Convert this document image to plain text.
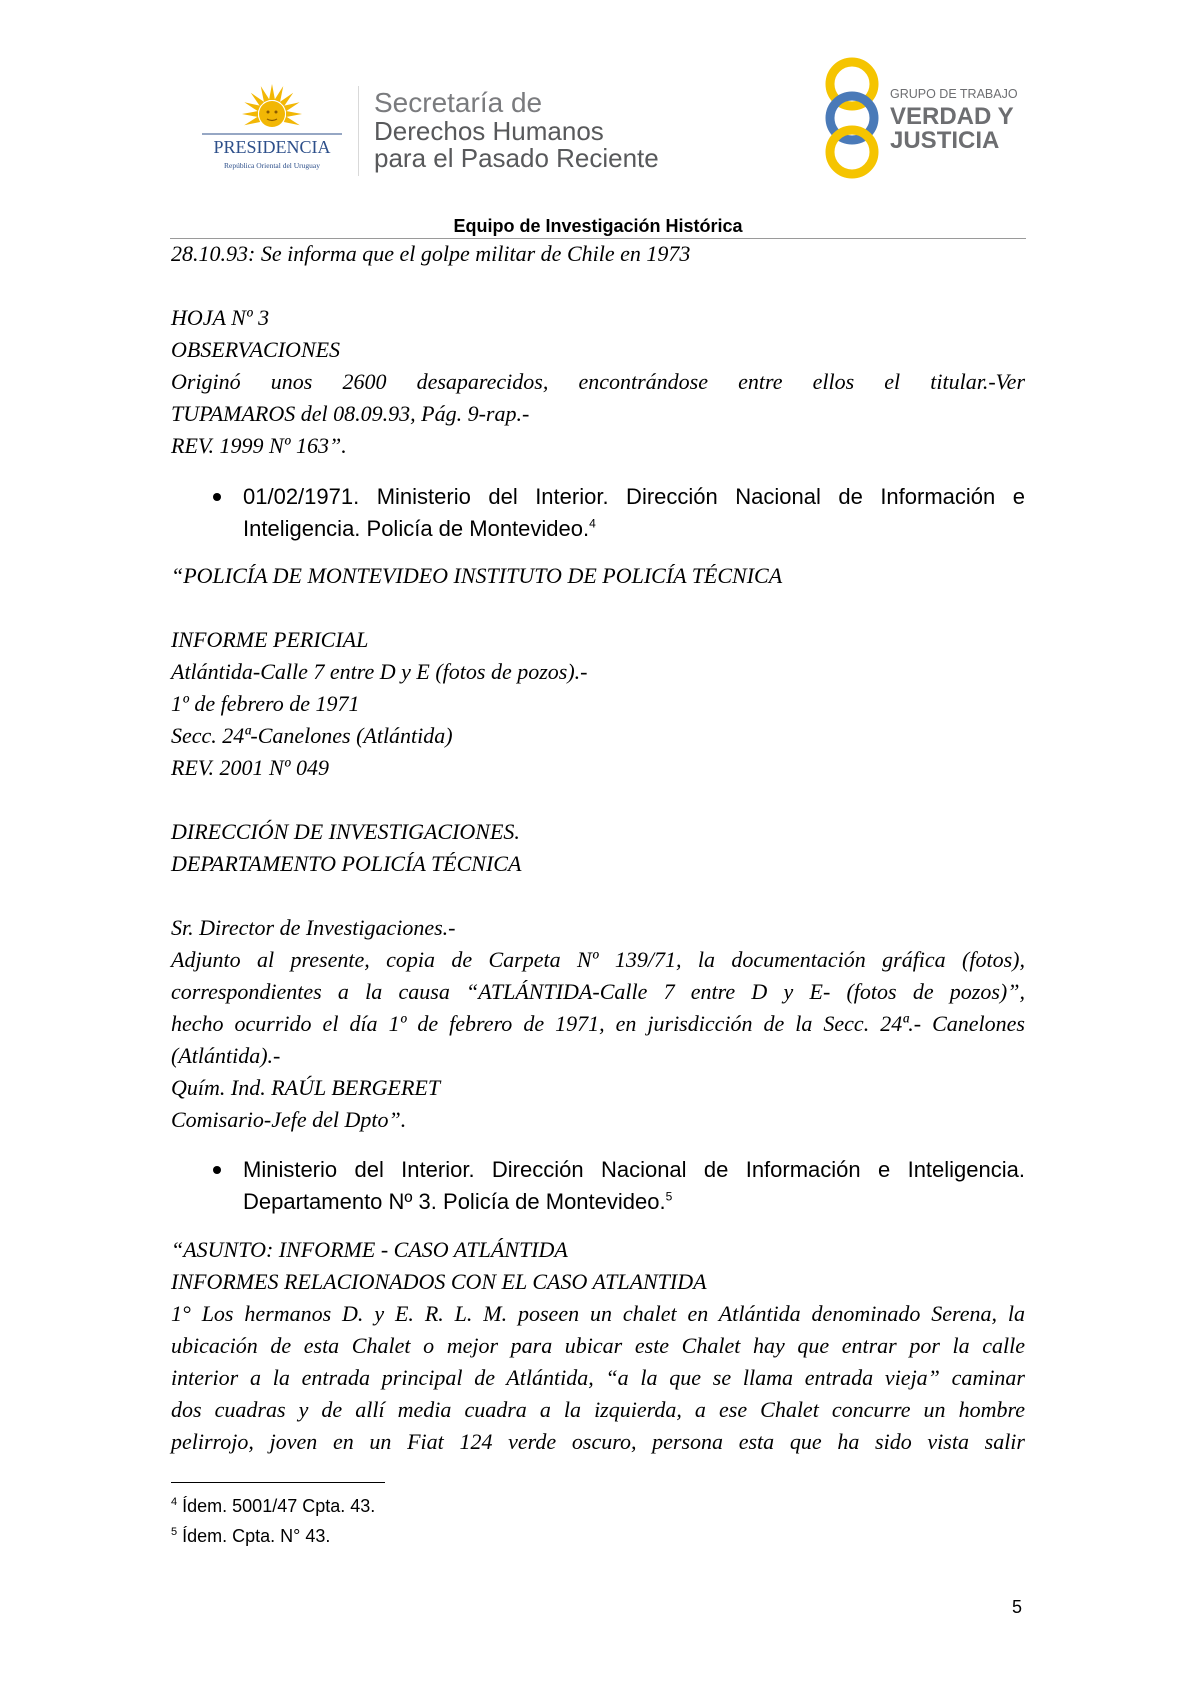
PRESIDENCIA
República Oriental del Uruguay
Secretaría de
Derechos Humanos
para el Pasado Reciente
GRUPO DE TRABAJO
VERDAD Y
JUSTICIA
Equipo de Investigación Histórica
28.10.93: Se informa que el golpe militar de Chile en 1973
HOJA Nº 3
OBSERVACIONES
Originó unos 2600 desaparecidos, encontrándose entre ellos el titular.-Ver
TUPAMAROS del 08.09.93, Pág. 9-rap.-
REV. 1999 Nº 163”.
01/02/1971. Ministerio del Interior. Dirección Nacional de Información e
Inteligencia. Policía de Montevideo.$^4$
“POLICÍA DE MONTEVIDEO INSTITUTO DE POLICÍA TÉCNICA
INFORME PERICIAL
Atlántida-Calle 7 entre D y E (fotos de pozos).-
1º de febrero de 1971
Secc. 24ª-Canelones (Atlántida)
REV. 2001 Nº 049
DIRECCIÓN DE INVESTIGACIONES.
DEPARTAMENTO POLICÍA TÉCNICA
Sr. Director de Investigaciones.-
Adjunto al presente, copia de Carpeta Nº 139/71, la documentación gráfica (fotos),
correspondientes a la causa “ATLÁNTIDA-Calle 7 entre D y E- (fotos de pozos)”,
hecho ocurrido el día 1º de febrero de 1971, en jurisdicción de la Secc. 24ª.- Canelones
(Atlántida).-
Quím. Ind. RAÚL BERGERET
Comisario-Jefe del Dpto”.
Ministerio del Interior. Dirección Nacional de Información e Inteligencia.
Departamento Nº 3. Policía de Montevideo.$^5$
“ASUNTO: INFORME - CASO ATLÁNTIDA
INFORMES RELACIONADOS CON EL CASO ATLANTIDA
1° Los hermanos D. y E. R. L. M. poseen un chalet en Atlántida denominado Serena, la
ubicación de esta Chalet o mejor para ubicar este Chalet hay que entrar por la calle
interior a la entrada principal de Atlántida, “a la que se llama entrada vieja” caminar
dos cuadras y de allí media cuadra a la izquierda, a ese Chalet concurre un hombre
pelirrojo, joven en un Fiat 124 verde oscuro, persona esta que ha sido vista salir
$^4$ Ídem. 5001/47 Cpta. 43.
$^5$ Ídem. Cpta. N° 43.
5
